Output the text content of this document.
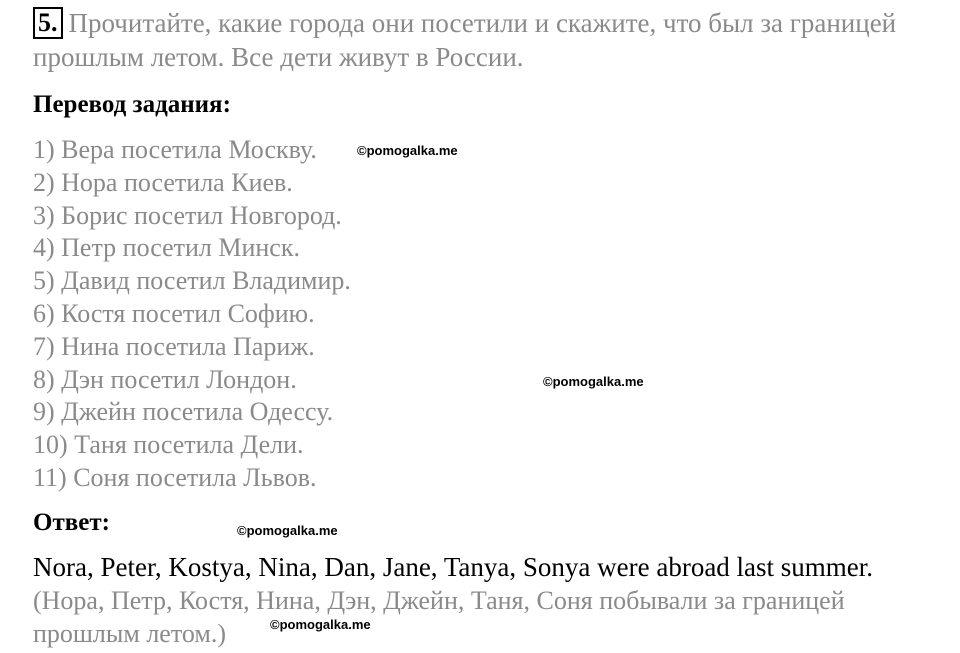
5. Прочитайте, какие города они посетили и скажите, что был за границей прошлым летом. Все дети живут в России.
Перевод задания:
1) Вера посетила Москву.
2) Нора посетила Киев.
3) Борис посетил Новгород.
4) Петр посетил Минск.
5) Давид посетил Владимир.
6) Костя посетил Софию.
7) Нина посетила Париж.
8) Дэн посетил Лондон.
9) Джейн посетила Одессу.
10) Таня посетила Дели.
11) Соня посетила Львов.
Ответ:
Nora, Peter, Kostya, Nina, Dan, Jane, Tanya, Sonya were abroad last summer.
(Нора, Петр, Костя, Нина, Дэн, Джейн, Таня, Соня побывали за границей прошлым летом.)
©pomogalka.me
©pomogalka.me
©pomogalka.me
©pomogalka.me
